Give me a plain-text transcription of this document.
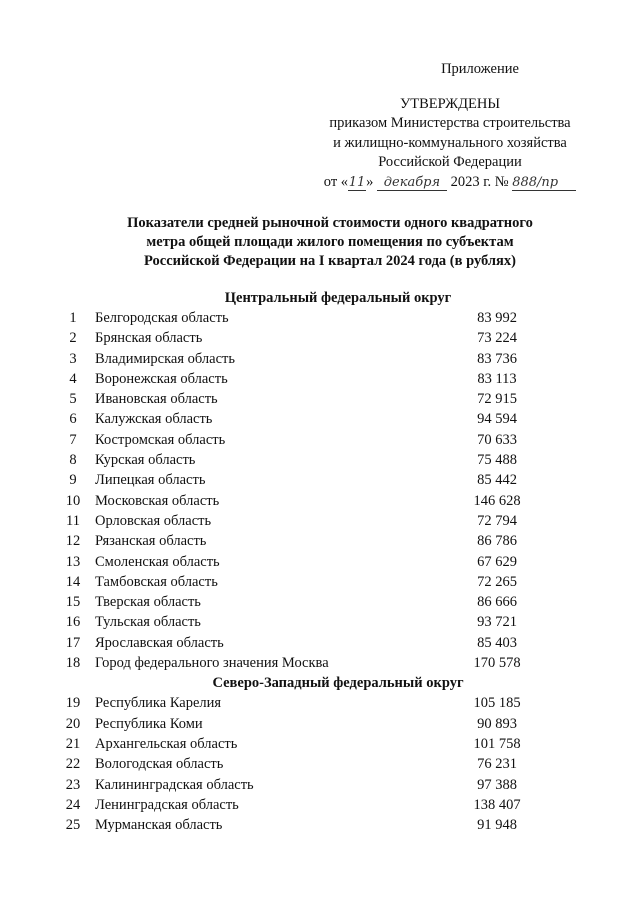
Приложение
УТВЕРЖДЕНЫ
приказом Министерства строительства
и жилищно-коммунального хозяйства
Российской Федерации
от «11» декабря 2023 г. № 888/пр
Показатели средней рыночной стоимости одного квадратного
метра общей площади жилого помещения по субъектам
Российской Федерации на I квартал 2024 года (в рублях)
Центральный федеральный округ
1	Белгородская область	83 992
2	Брянская область	73 224
3	Владимирская область	83 736
4	Воронежская область	83 113
5	Ивановская область	72 915
6	Калужская область	94 594
7	Костромская область	70 633
8	Курская область	75 488
9	Липецкая область	85 442
10 Московская область	146 628
11 Орловская область	72 794
12 Рязанская область	86 786
13 Смоленская область	67 629
14 Тамбовская область	72 265
15 Тверская область	86 666
16 Тульская область	93 721
17 Ярославская область	85 403
18 Город федерального значения Москва	170 578
Северо-Западный федеральный округ
19 Республика Карелия	105 185
20 Республика Коми	90 893
21 Архангельская область	101 758
22 Вологодская область	76 231
23 Калининградская область	97 388
24 Ленинградская область	138 407
25 Мурманская область	91 948
